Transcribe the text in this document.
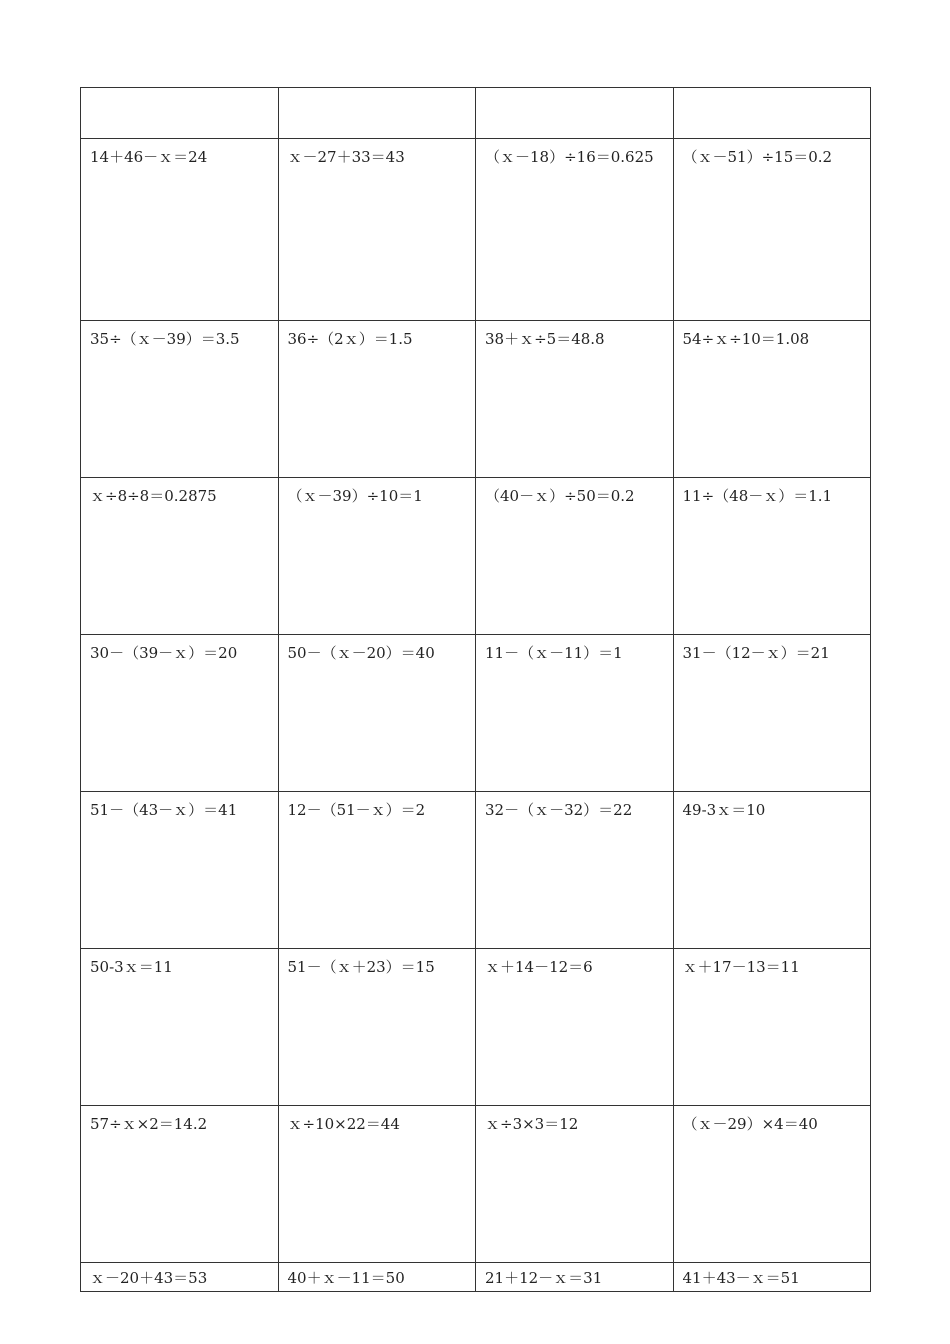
14＋46－ｘ＝24	ｘ－27＋33＝43	（ｘ－18）÷16＝0.625	（ｘ－51）÷15＝0.2
35÷（ｘ－39）＝3.5	36÷（2ｘ）＝1.5	38＋ｘ÷5＝48.8	54÷ｘ÷10＝1.08
ｘ÷8÷8＝0.2875	（ｘ－39）÷10＝1	（40－ｘ）÷50＝0.2	11÷（48－ｘ）＝1.1
30－（39－ｘ）＝20	50－（ｘ－20）＝40	11－（ｘ－11）＝1	31－（12－ｘ）＝21
51－（43－ｘ）＝41	12－（51－ｘ）＝2	32－（ｘ－32）＝22	49-3ｘ＝10
50-3ｘ＝11	51－（ｘ＋23）＝15	ｘ＋14－12＝6	ｘ＋17－13＝11
57÷ｘ×2＝14.2	ｘ÷10×22＝44	ｘ÷3×3＝12	（ｘ－29）×4＝40
ｘ－20＋43＝53	40＋ｘ－11＝50	21＋12－ｘ＝31	41＋43－ｘ＝51
